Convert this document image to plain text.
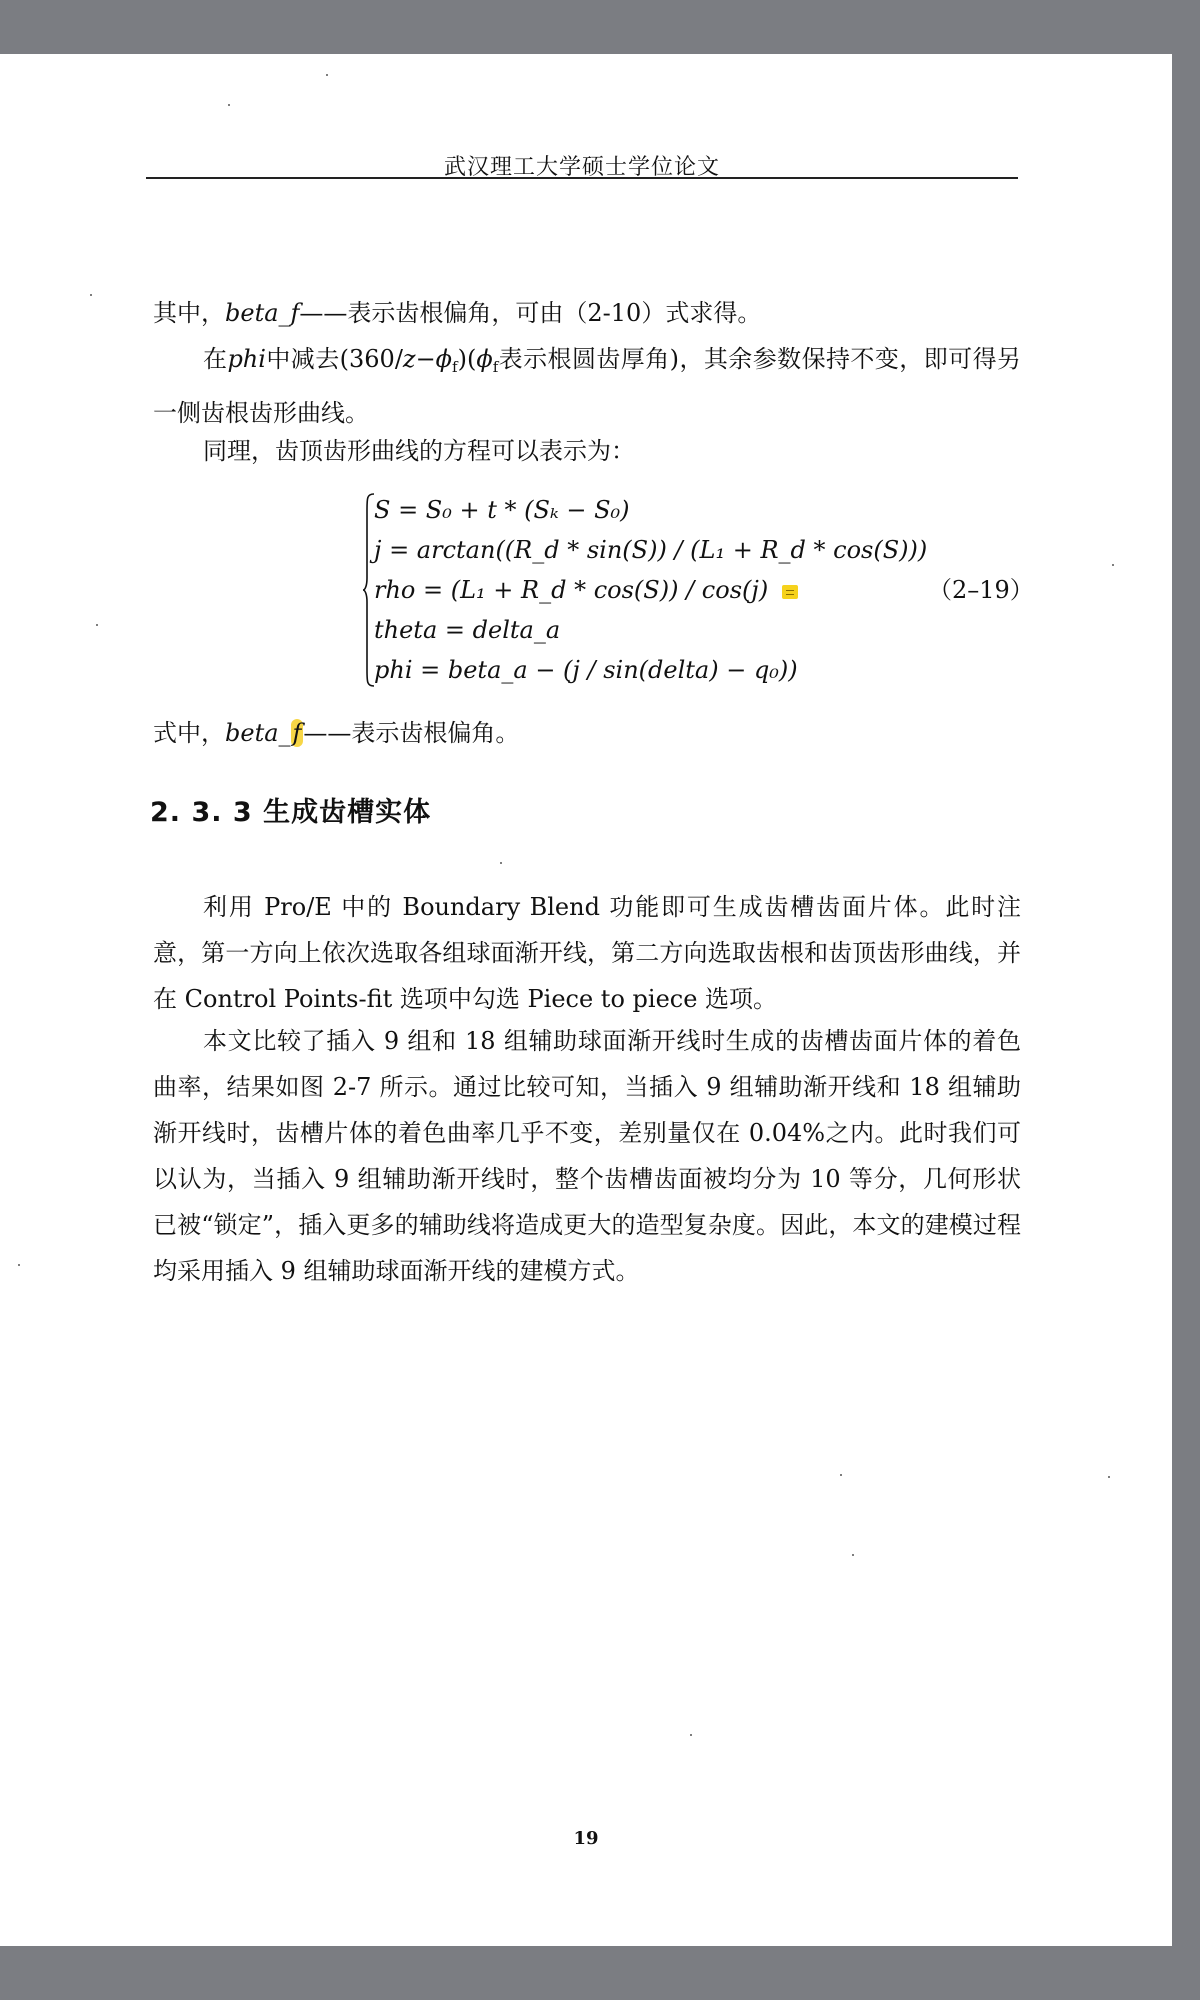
武汉理工大学硕士学位论文
其中，beta_f——表示齿根偏角，可由（2-10）式求得。
在phi中减去$(360/z-\phi_f)(\phi_f$表示根圆齿厚角)，其余参数保持不变，即可得另一侧齿根齿形曲线。
同理，齿顶齿形曲线的方程可以表示为：
S = S₀ + t * (Sₖ − S₀)
j = arctan((R_d * sin(S)) / (L₁ + R_d * cos(S)))
rho = (L₁ + R_d * cos(S)) / cos(j)
theta = delta_a
phi = beta_a − (j / sin(delta) − q₀))
（2–19）
式中，beta_f——表示齿根偏角。
2. 3. 3 生成齿槽实体
利用 Pro/E 中的 Boundary Blend 功能即可生成齿槽齿面片体。此时注意，第一方向上依次选取各组球面渐开线，第二方向选取齿根和齿顶齿形曲线，并在 Control Points-fit 选项中勾选 Piece to piece 选项。
本文比较了插入 9 组和 18 组辅助球面渐开线时生成的齿槽齿面片体的着色曲率，结果如图 2-7 所示。通过比较可知，当插入 9 组辅助渐开线和 18 组辅助渐开线时，齿槽片体的着色曲率几乎不变，差别量仅在 0.04%之内。此时我们可以认为，当插入 9 组辅助渐开线时，整个齿槽齿面被均分为 10 等分，几何形状已被“锁定”，插入更多的辅助线将造成更大的造型复杂度。因此，本文的建模过程均采用插入 9 组辅助球面渐开线的建模方式。
19
